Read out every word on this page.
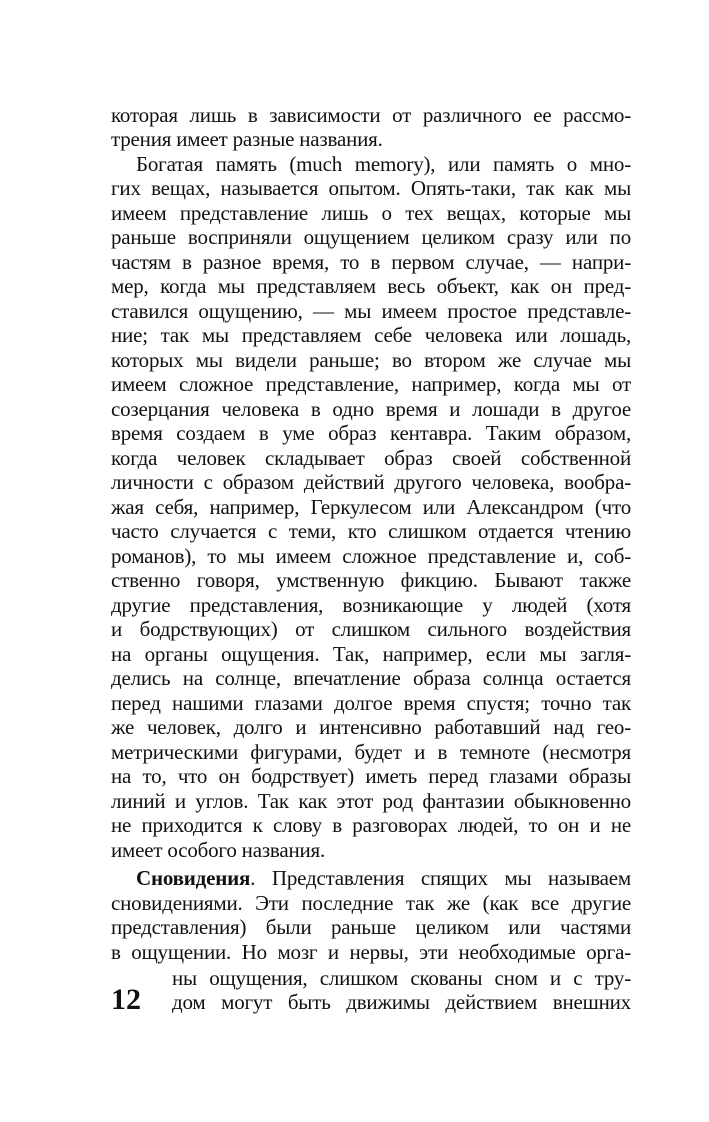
которая лишь в зависимости от различного ее рассмо-
трения имеет разные названия.
Богатая память (much memory), или память о мно-
гих вещах, называется опытом. Опять-таки, так как мы
имеем представление лишь о тех вещах, которые мы
раньше восприняли ощущением целиком сразу или по
частям в разное время, то в первом случае, — напри-
мер, когда мы представляем весь объект, как он пред-
ставился ощущению, — мы имеем простое представле-
ние; так мы представляем себе человека или лошадь,
которых мы видели раньше; во втором же случае мы
имеем сложное представление, например, когда мы от
созерцания человека в одно время и лошади в другое
время создаем в уме образ кентавра. Таким образом,
когда человек складывает образ своей собственной
личности с образом действий другого человека, вообра-
жая себя, например, Геркулесом или Александром (что
часто случается с теми, кто слишком отдается чтению
романов), то мы имеем сложное представление и, соб-
ственно говоря, умственную фикцию. Бывают также
другие представления, возникающие у людей (хотя
и бодрствующих) от слишком сильного воздействия
на органы ощущения. Так, например, если мы загля-
делись на солнце, впечатление образа солнца остается
перед нашими глазами долгое время спустя; точно так
же человек, долго и интенсивно работавший над гео-
метрическими фигурами, будет и в темноте (несмотря
на то, что он бодрствует) иметь перед глазами образы
линий и углов. Так как этот род фантазии обыкновенно
не приходится к слову в разговорах людей, то он и не
имеет особого названия.
Сновидения. Представления спящих мы называем
сновидениями. Эти последние так же (как все другие
представления) были раньше целиком или частями
в ощущении. Но мозг и нервы, эти необходимые орга-
ны ощущения, слишком скованы сном и с тру-
дом могут быть движимы действием внешних
12
